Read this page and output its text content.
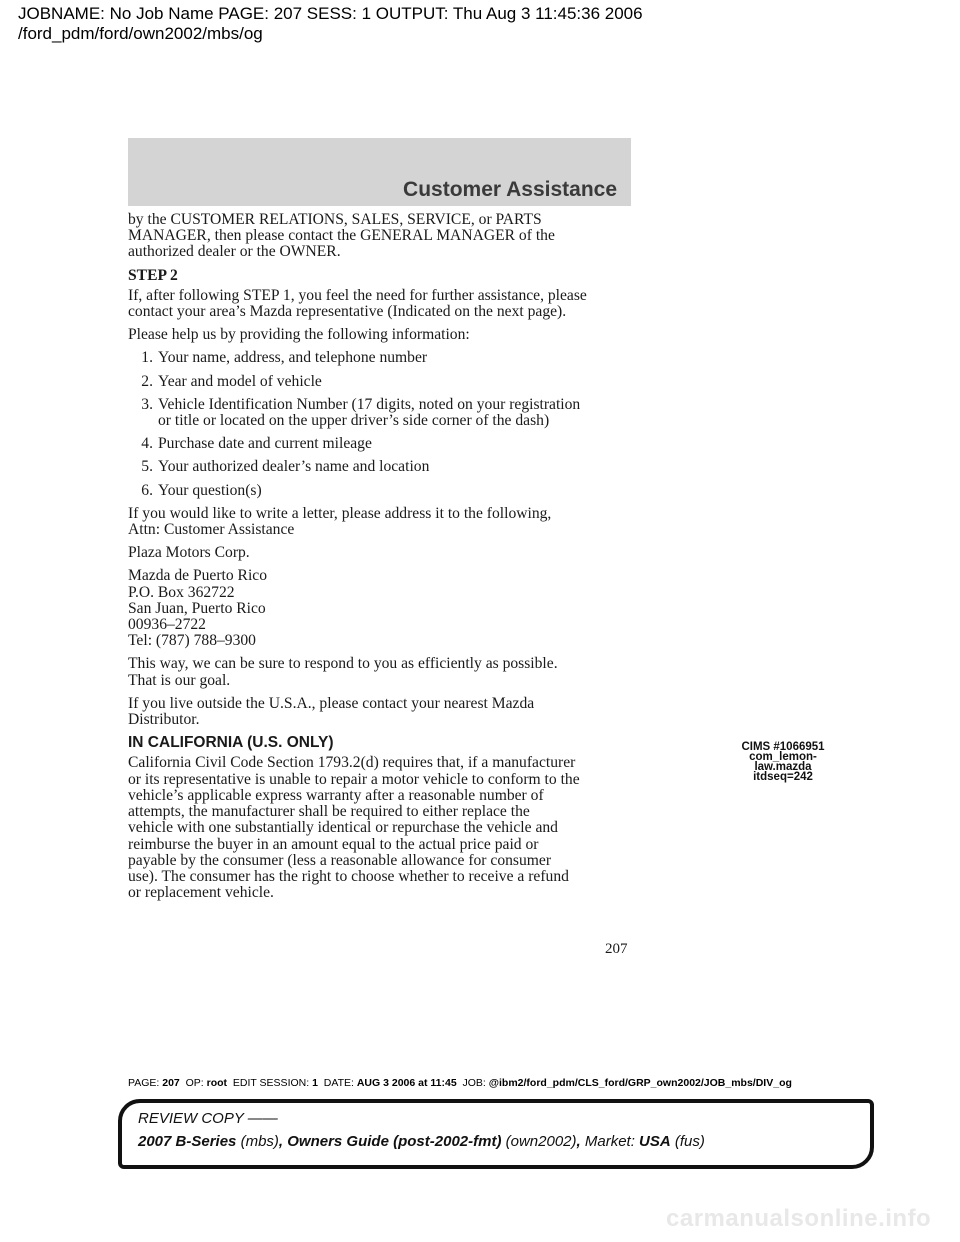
JOBNAME: No Job Name PAGE: 207 SESS: 1 OUTPUT: Thu Aug 3 11:45:36 2006
/ford_pdm/ford/own2002/mbs/og
Customer Assistance

by the CUSTOMER RELATIONS, SALES, SERVICE, or PARTS
MANAGER, then please contact the GENERAL MANAGER of the
authorized dealer or the OWNER.

STEP 2

If, after following STEP 1, you feel the need for further assistance, please
contact your area’s Mazda representative (Indicated on the next page).

Please help us by providing the following information:

1. Your name, address, and telephone number
2. Year and model of vehicle
3. Vehicle Identification Number (17 digits, noted on your registration
or title or located on the upper driver’s side corner of the dash)
4. Purchase date and current mileage
5. Your authorized dealer’s name and location
6. Your question(s)

If you would like to write a letter, please address it to the following,
Attn: Customer Assistance

Plaza Motors Corp.

Mazda de Puerto Rico
P.O. Box 362722
San Juan, Puerto Rico
00936–2722
Tel: (787) 788–9300

This way, we can be sure to respond to you as efficiently as possible.
That is our goal.

If you live outside the U.S.A., please contact your nearest Mazda
Distributor.

IN CALIFORNIA (U.S. ONLY)

California Civil Code Section 1793.2(d) requires that, if a manufacturer
or its representative is unable to repair a motor vehicle to conform to the
vehicle’s applicable express warranty after a reasonable number of
attempts, the manufacturer shall be required to either replace the
vehicle with one substantially identical or repurchase the vehicle and
reimburse the buyer in an amount equal to the actual price paid or
payable by the consumer (less a reasonable allowance for consumer
use). The consumer has the right to choose whether to receive a refund
or replacement vehicle.

CIMS #1066951
com_lemon-law.mazda
itdseq=242
207
PAGE: 207 OP: root EDIT SESSION: 1 DATE: AUG 3 2006 at 11:45 JOB: @ibm2/ford_pdm/CLS_ford/GRP_own2002/JOB_mbs/DIV_og
REVIEW COPY ——
2007 B-Series (mbs), Owners Guide (post-2002-fmt) (own2002), Market: USA (fus)
carmanualsonline.info
